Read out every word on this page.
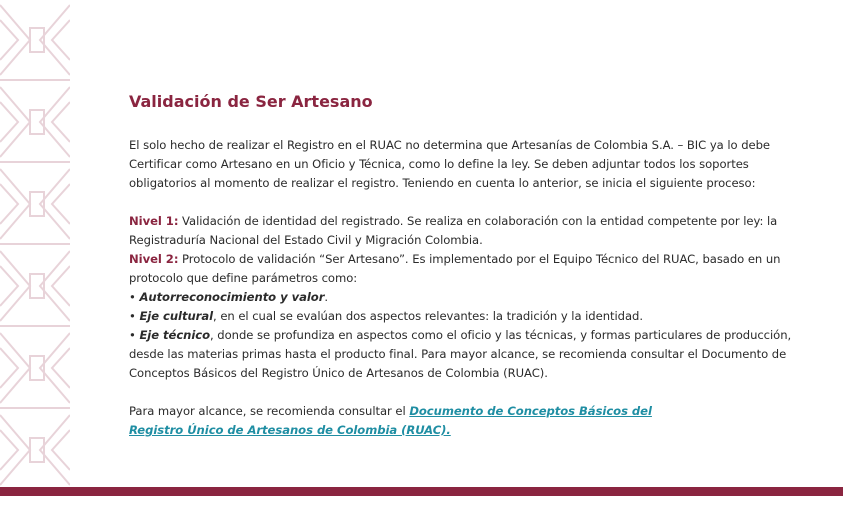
Validación de Ser Artesano

El solo hecho de realizar el Registro en el RUAC no determina que Artesanías de Colombia S.A. – BIC ya lo debe Certificar como Artesano en un Oficio y Técnica, como lo define la ley. Se deben adjuntar todos los soportes obligatorios al momento de realizar el registro. Teniendo en cuenta lo anterior, se inicia el siguiente proceso:

Nivel 1: Validación de identidad del registrado. Se realiza en colaboración con la entidad competente por ley: la Registraduría Nacional del Estado Civil y Migración Colombia.

Nivel 2: Protocolo de validación “Ser Artesano”. Es implementado por el Equipo Técnico del RUAC, basado en un protocolo que define parámetros como:

• Autorreconocimiento y valor.

• Eje cultural, en el cual se evalúan dos aspectos relevantes: la tradición y la identidad.

• Eje técnico, donde se profundiza en aspectos como el oficio y las técnicas, y formas particulares de producción, desde las materias primas hasta el producto final. Para mayor alcance, se recomienda consultar el Documento de Conceptos Básicos del Registro Único de Artesanos de Colombia (RUAC).

Para mayor alcance, se recomienda consultar el Documento de Conceptos Básicos del
Registro Único de Artesanos de Colombia (RUAC).
